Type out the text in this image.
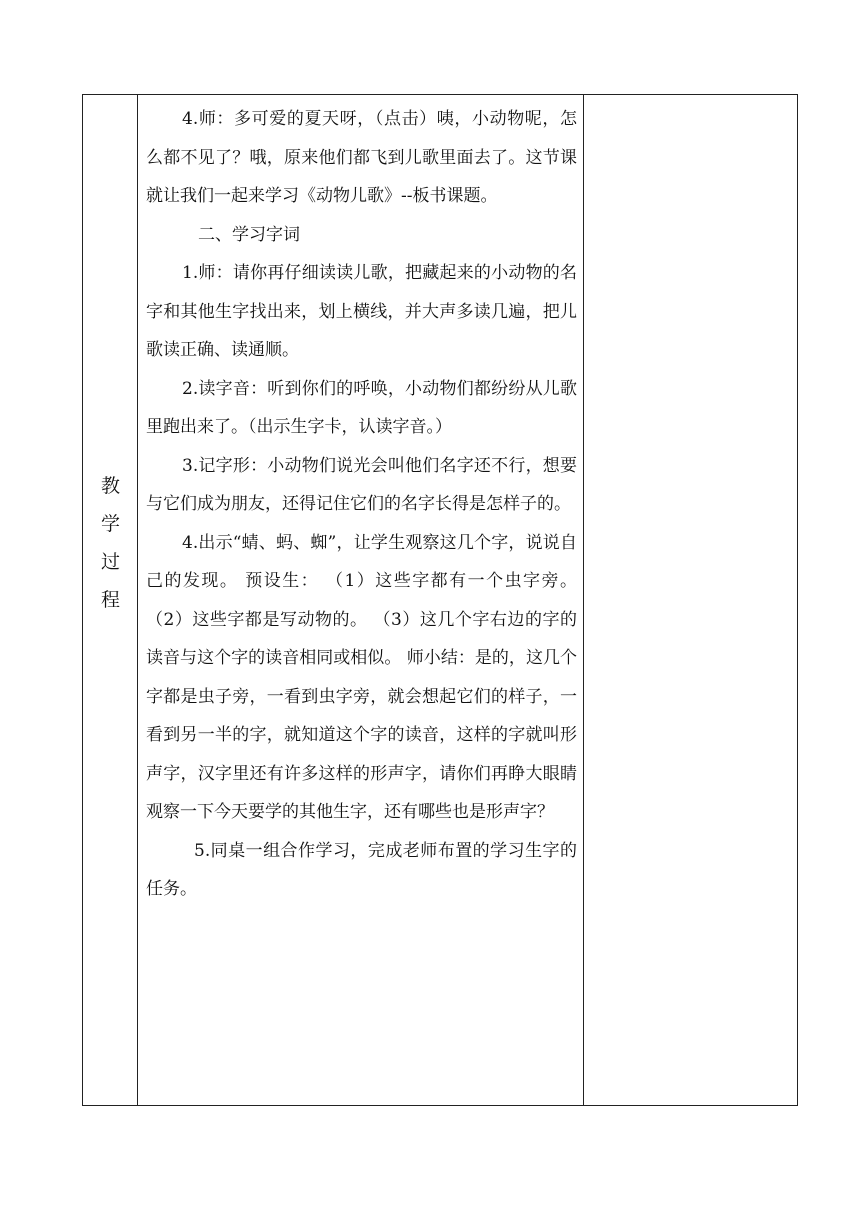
教
学
过
程

4.师：多可爱的夏天呀，（点击）咦，小动物呢，怎么都不见了？哦，原来他们都飞到儿歌里面去了。这节课就让我们一起来学习《动物儿歌》--板书课题。

二、学习字词

1.师：请你再仔细读读儿歌，把藏起来的小动物的名字和其他生字找出来，划上横线，并大声多读几遍，把儿歌读正确、读通顺。

2.读字音：听到你们的呼唤，小动物们都纷纷从儿歌里跑出来了。（出示生字卡，认读字音。）

3.记字形：小动物们说光会叫他们名字还不行，想要与它们成为朋友，还得记住它们的名字长得是怎样子的。

4.出示“蜻、蚂、蜘”，让学生观察这几个字，说说自己的发现。 预设生： （1）这些字都有一个虫字旁。 （2）这些字都是写动物的。 （3）这几个字右边的字的读音与这个字的读音相同或相似。 师小结：是的，这几个字都是虫子旁，一看到虫字旁，就会想起它们的样子，一看到另一半的字，就知道这个字的读音，这样的字就叫形声字，汉字里还有许多这样的形声字，请你们再睁大眼睛观察一下今天要学的其他生字，还有哪些也是形声字？

5.同桌一组合作学习，完成老师布置的学习生字的任务。
